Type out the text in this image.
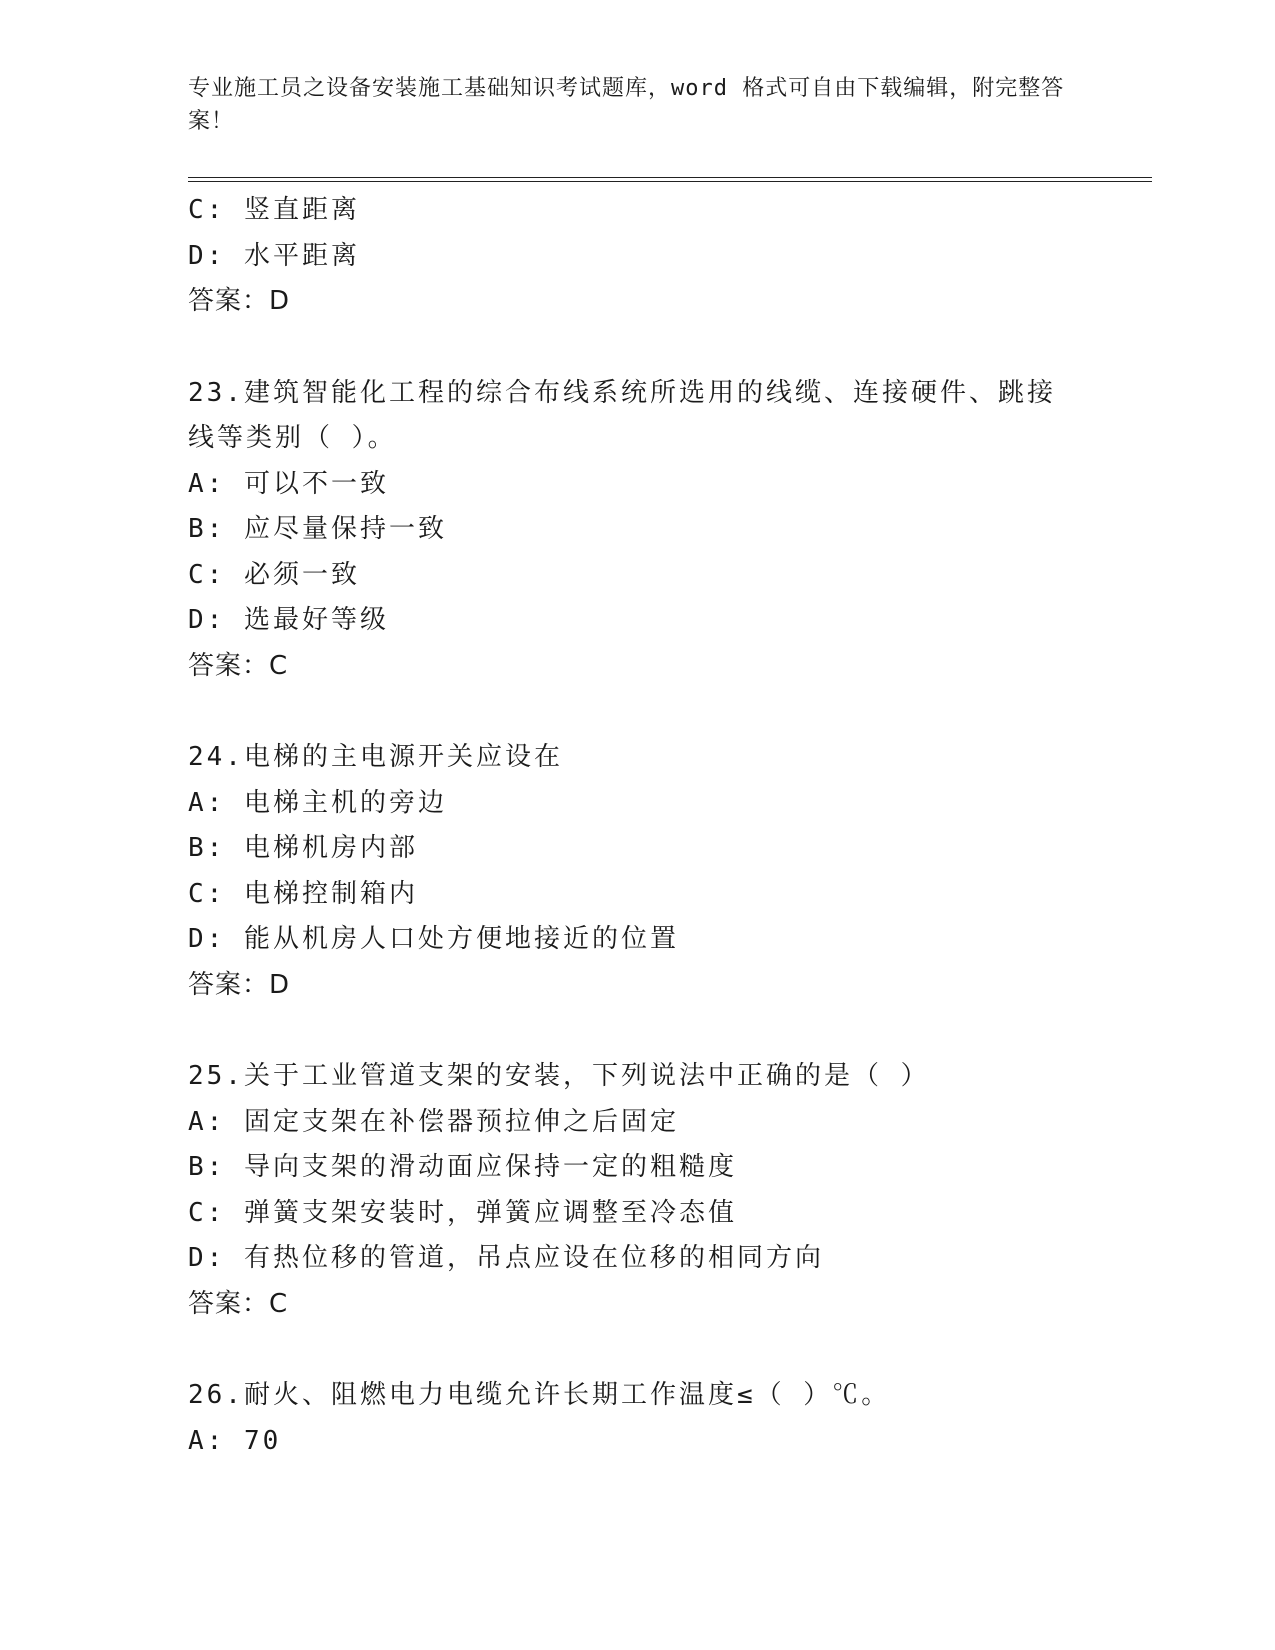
专业施工员之设备安装施工基础知识考试题库，word 格式可自由下载编辑，附完整答案！
C: 竖直距离
D: 水平距离
答案：D
23.建筑智能化工程的综合布线系统所选用的线缆、连接硬件、跳接线等类别（ ）。
A: 可以不一致
B: 应尽量保持一致
C: 必须一致
D: 选最好等级
答案：C
24.电梯的主电源开关应设在
A: 电梯主机的旁边
B: 电梯机房内部
C: 电梯控制箱内
D: 能从机房人口处方便地接近的位置
答案：D
25.关于工业管道支架的安装，下列说法中正确的是（ ）
A: 固定支架在补偿器预拉伸之后固定
B: 导向支架的滑动面应保持一定的粗糙度
C: 弹簧支架安装时，弹簧应调整至冷态值
D: 有热位移的管道，吊点应设在位移的相同方向
答案：C
26.耐火、阻燃电力电缆允许长期工作温度≤（ ）℃。
A: 70
